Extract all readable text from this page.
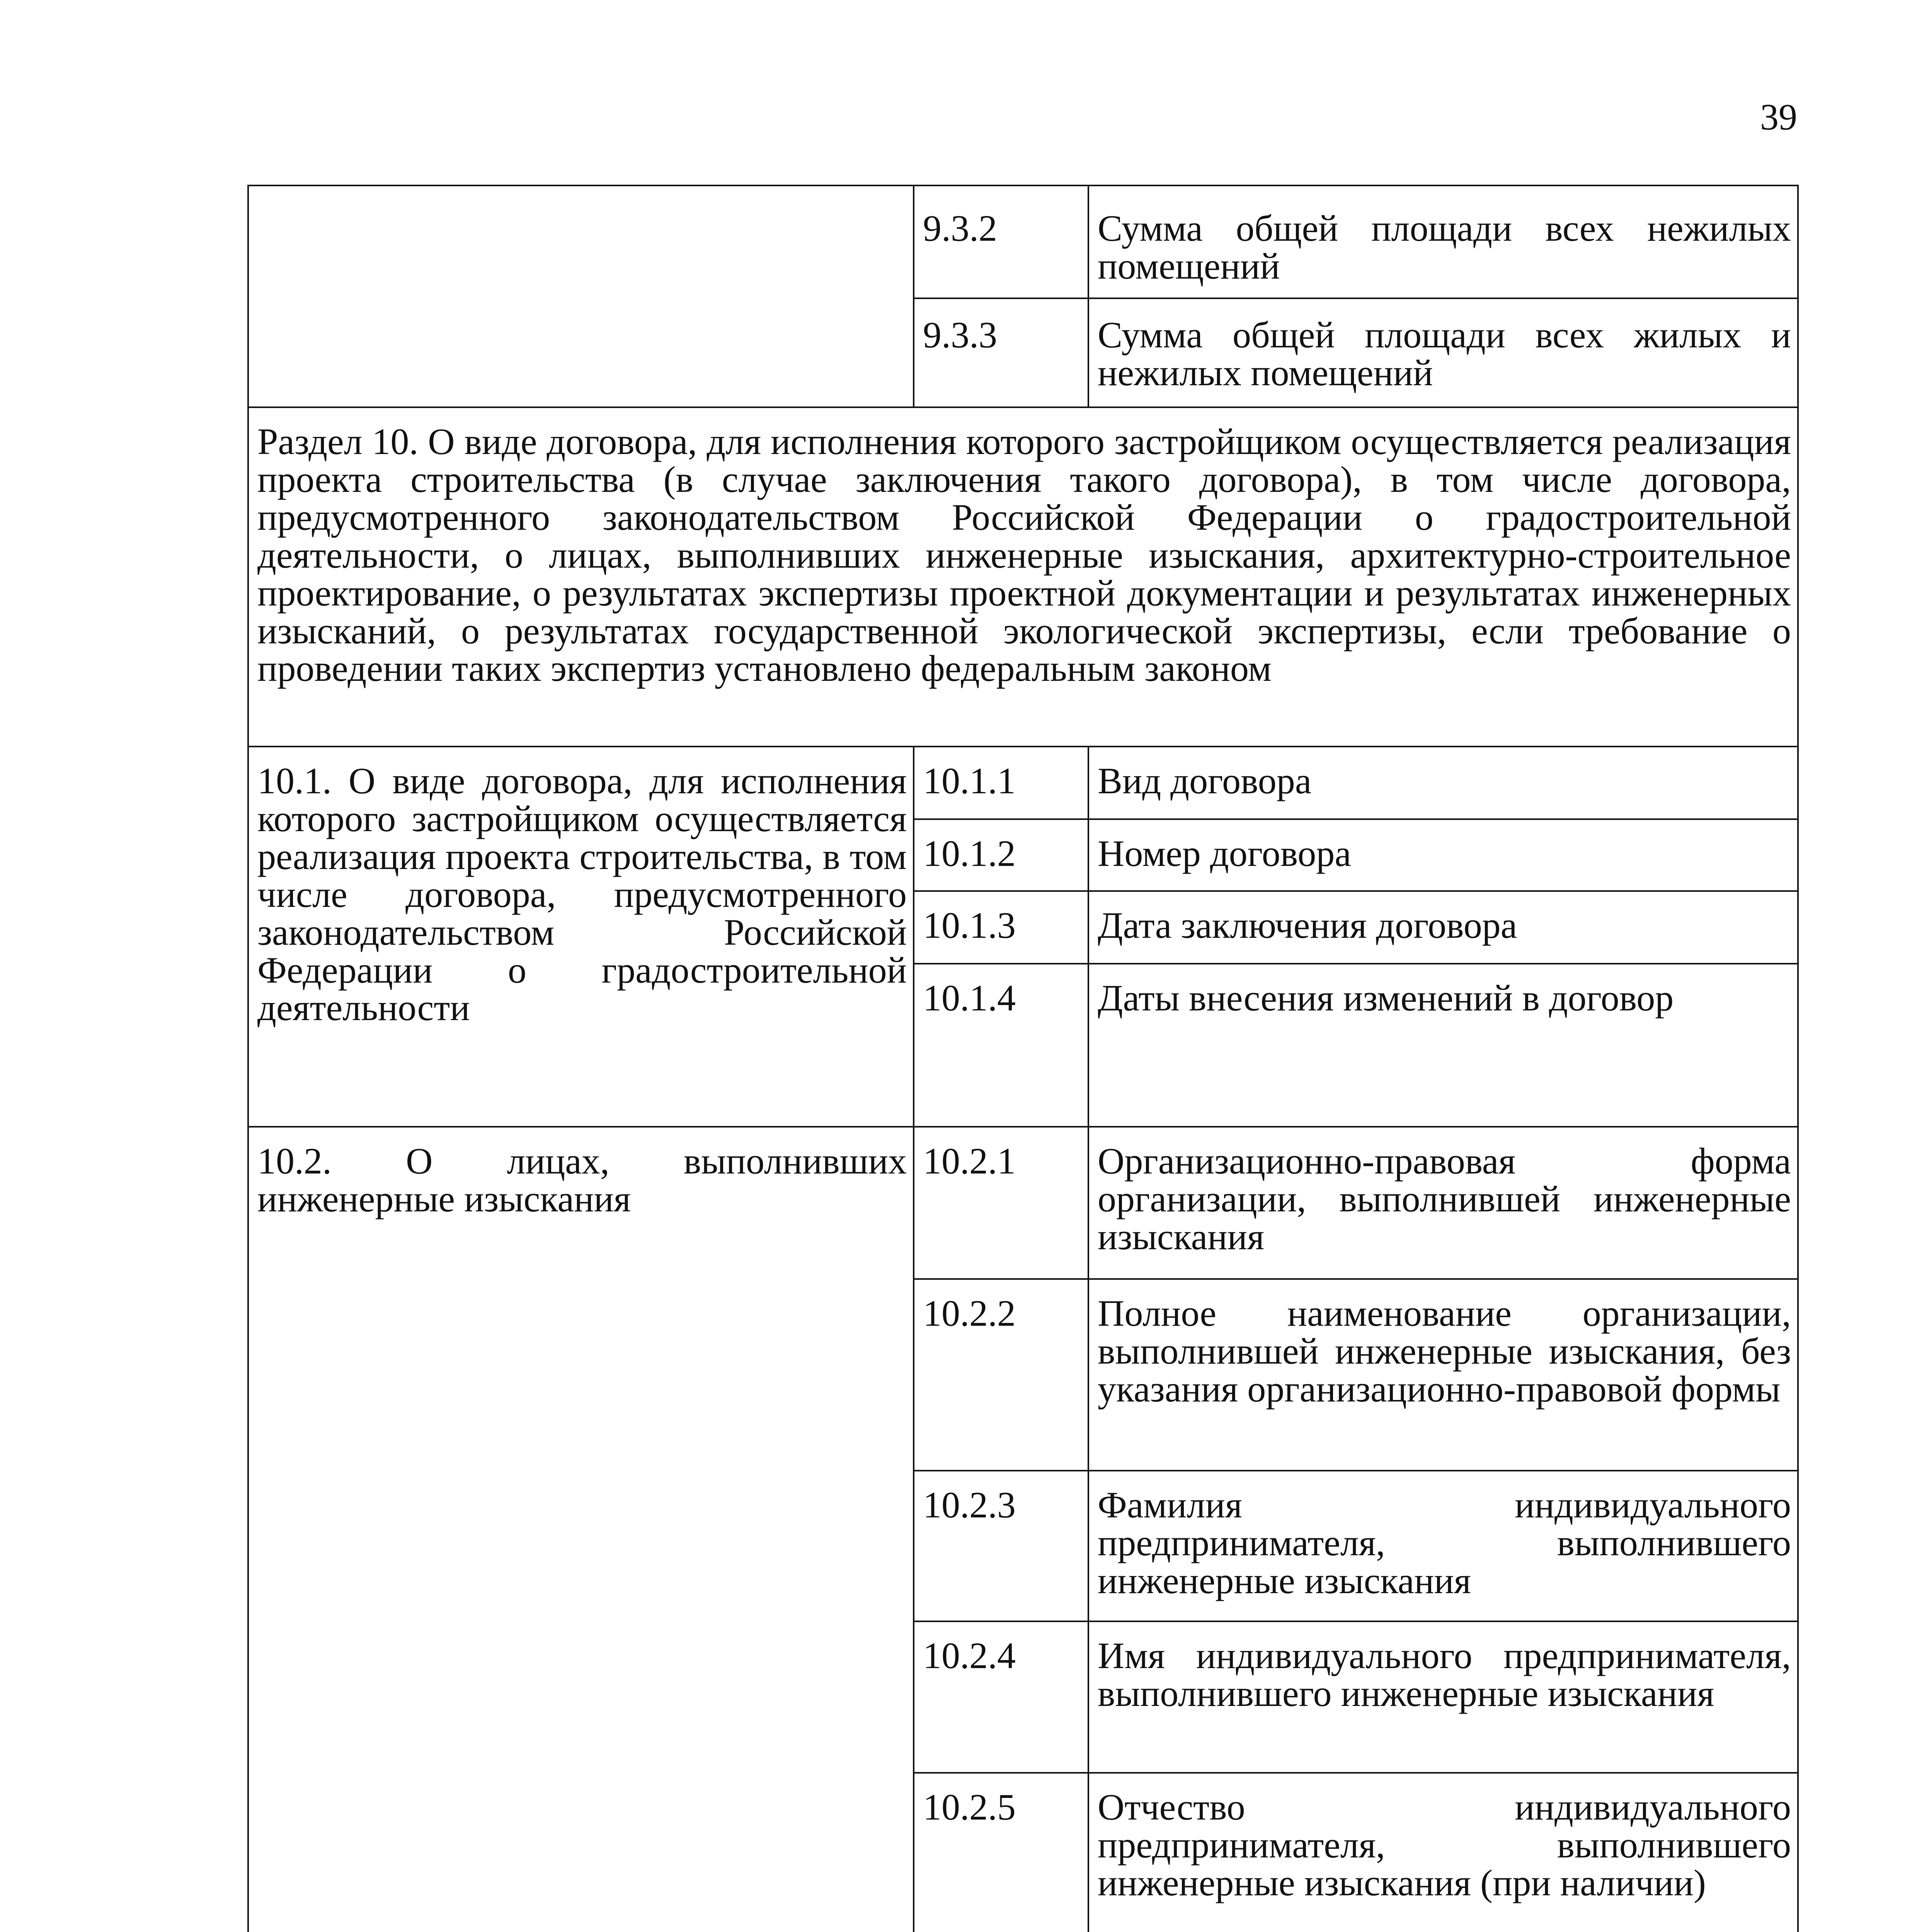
39
	9.3.2	Сумма общей площади всех нежилых помещений
	9.3.3	Сумма общей площади всех жилых и нежилых помещений
Раздел 10. О виде договора, для исполнения которого застройщиком осуществляется реализация проекта строительства (в случае заключения такого договора), в том числе договора, предусмотренного законодательством Российской Федерации о градостроительной деятельности, о лицах, выполнивших инженерные изыскания, архитектурно-строительное проектирование, о результатах экспертизы проектной документации и результатах инженерных изысканий, о результатах государственной экологической экспертизы, если требование о проведении таких экспертиз установлено федеральным законом		
10.1. О виде договора, для исполнения которого застройщиком осуществляется реализация проекта строительства, в том числе договора, предусмотренного законодательством Российской Федерации о градостроительной деятельности	10.1.1	Вид договора
	10.1.2	Номер договора
	10.1.3	Дата заключения договора
	10.1.4	Даты внесения изменений в договор
10.2. О лицах, выполнивших инженерные изыскания	10.2.1	Организационно-правовая форма организации, выполнившей инженерные изыскания
	10.2.2	Полное наименование организации, выполнившей инженерные изыскания, без указания организационно-правовой формы
	10.2.3	Фамилия индивидуального предпринимателя, выполнившего инженерные изыскания
	10.2.4	Имя индивидуального предпринимателя, выполнившего инженерные изыскания
	10.2.5	Отчество индивидуального предпринимателя, выполнившего инженерные изыскания (при наличии)
